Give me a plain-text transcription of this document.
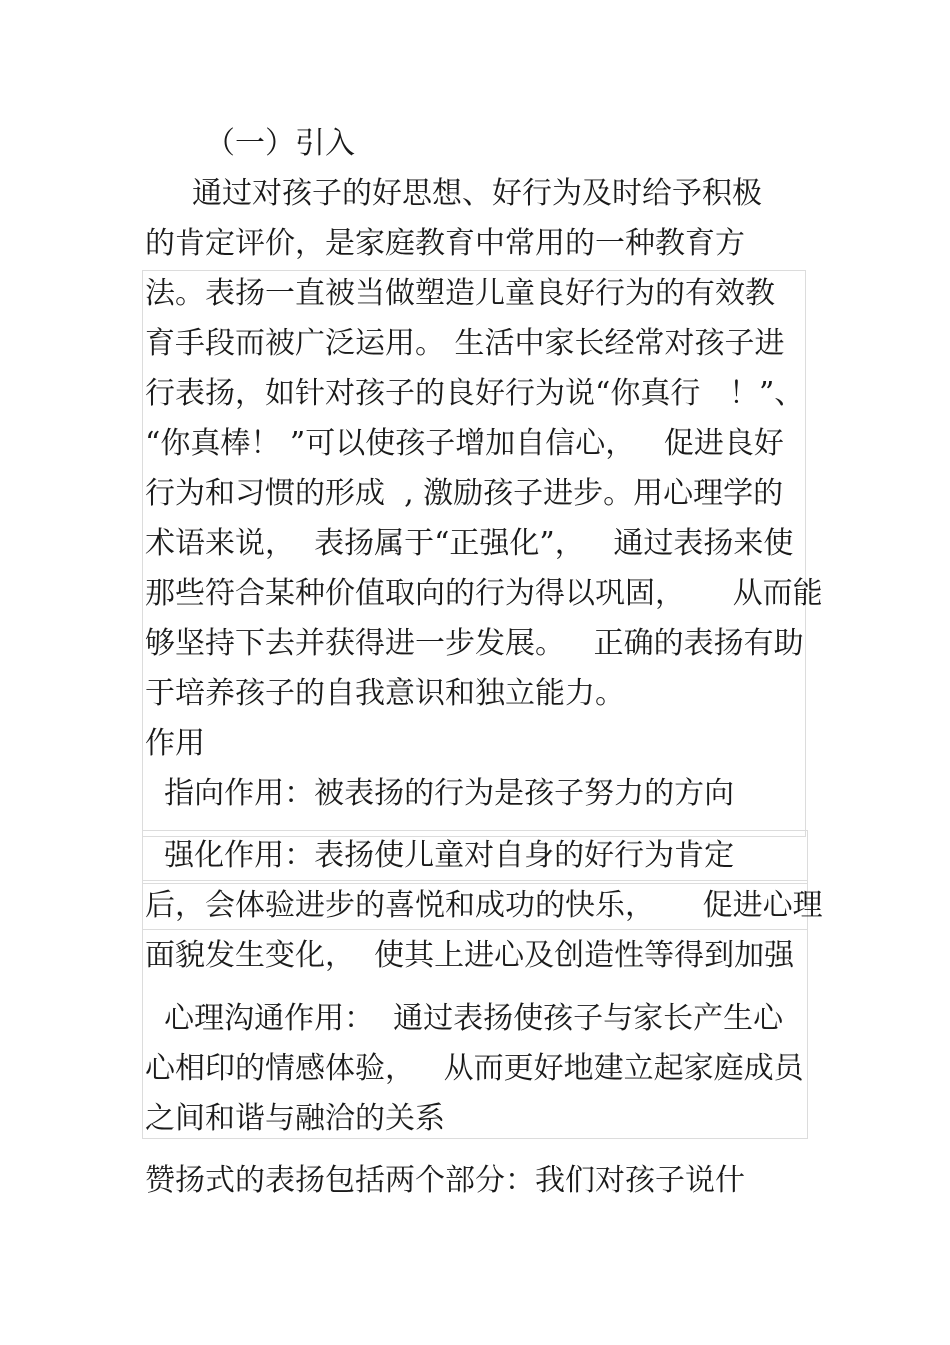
（一）引入
通过对孩子的好思想、好行为及时给予积极
的肯定评价，是家庭教育中常用的一种教育方
法。表扬一直被当做塑造儿童良好行为的有效教
育手段而被广泛运用。 生活中家长经常对孩子进
行表扬，如针对孩子的良好行为说“你真行   ！”、
“你真棒！ ”可以使孩子增加自信心，   促进良好
行为和习惯的形成  , 激励孩子进步。用心理学的
术语来说，  表扬属于“正强化”，   通过表扬来使
那些符合某种价值取向的行为得以巩固，     从而能
够坚持下去并获得进一步发展。   正确的表扬有助
于培养孩子的自我意识和独立能力。
作用
指向作用：被表扬的行为是孩子努力的方向
强化作用：表扬使儿童对自身的好行为肯定
后，会体验进步的喜悦和成功的快乐，     促进心理
面貌发生变化，  使其上进心及创造性等得到加强
心理沟通作用：  通过表扬使孩子与家长产生心
心相印的情感体验，   从而更好地建立起家庭成员
之间和谐与融洽的关系
赞扬式的表扬包括两个部分：我们对孩子说什
